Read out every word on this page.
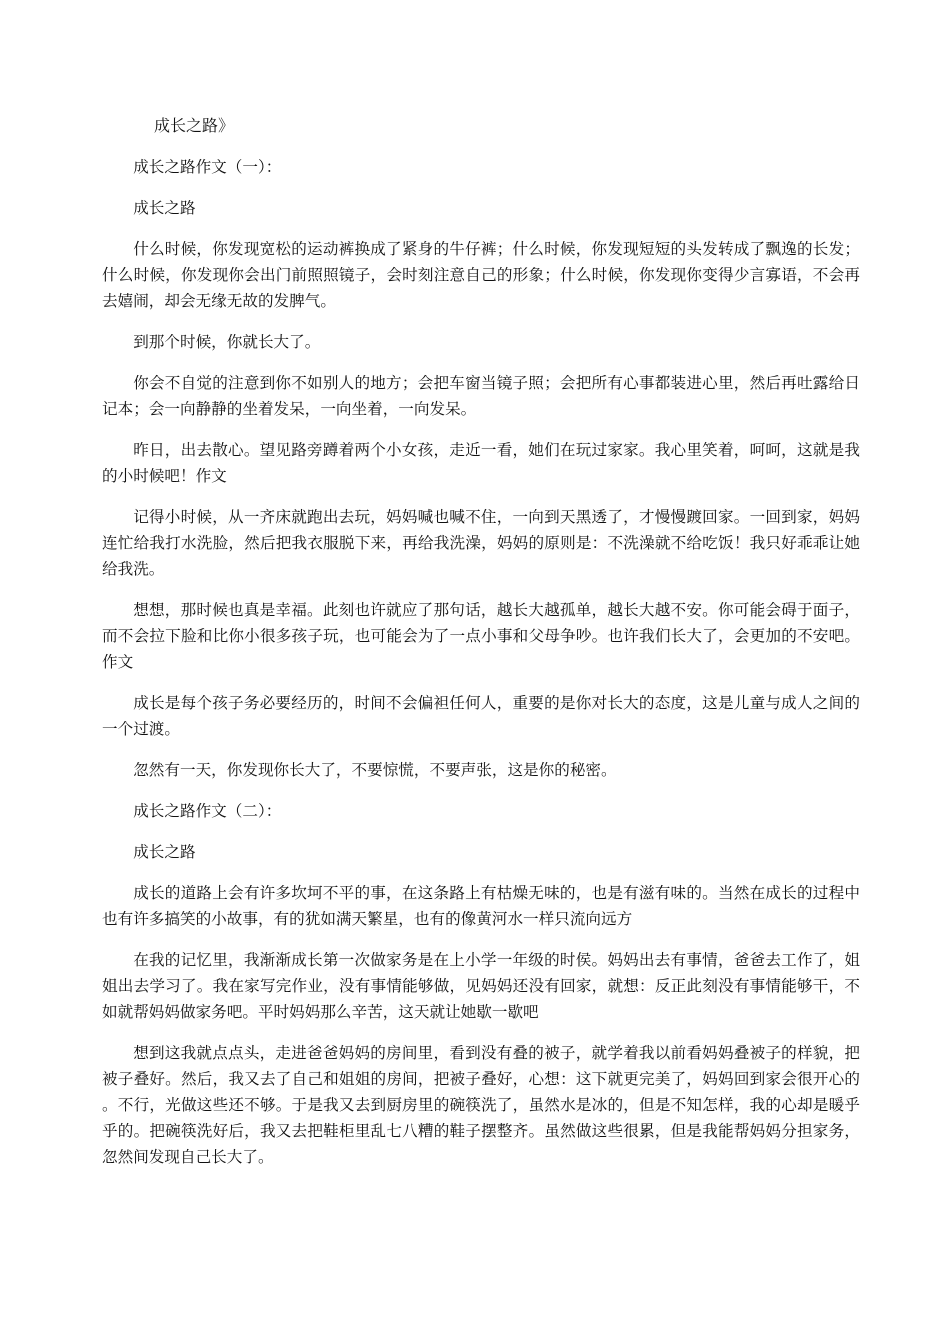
成长之路》

成长之路作文（一）：

成长之路

什么时候，你发现宽松的运动裤换成了紧身的牛仔裤；什么时候，你发现短短的头发转成了飘逸的长发；什么时候，你发现你会出门前照照镜子，会时刻注意自己的形象；什么时候，你发现你变得少言寡语，不会再去嬉闹，却会无缘无故的发脾气。

到那个时候，你就长大了。

你会不自觉的注意到你不如别人的地方；会把车窗当镜子照；会把所有心事都装进心里，然后再吐露给日记本；会一向静静的坐着发呆，一向坐着，一向发呆。

昨日，出去散心。望见路旁蹲着两个小女孩，走近一看，她们在玩过家家。我心里笑着，呵呵，这就是我的小时候吧！作文

记得小时候，从一齐床就跑出去玩，妈妈喊也喊不住，一向到天黑透了，才慢慢踱回家。一回到家，妈妈连忙给我打水洗脸，然后把我衣服脱下来，再给我洗澡，妈妈的原则是：不洗澡就不给吃饭！我只好乖乖让她给我洗。

想想，那时候也真是幸福。此刻也许就应了那句话，越长大越孤单，越长大越不安。你可能会碍于面子，而不会拉下脸和比你小很多孩子玩，也可能会为了一点小事和父母争吵。也许我们长大了，会更加的不安吧。作文

成长是每个孩子务必要经历的，时间不会偏袒任何人，重要的是你对长大的态度，这是儿童与成人之间的一个过渡。

忽然有一天，你发现你长大了，不要惊慌，不要声张，这是你的秘密。

成长之路作文（二）：

成长之路

成长的道路上会有许多坎坷不平的事，在这条路上有枯燥无味的，也是有滋有味的。当然在成长的过程中也有许多搞笑的小故事，有的犹如满天繁星，也有的像黄河水一样只流向远方

在我的记忆里，我渐渐成长第一次做家务是在上小学一年级的时侯。妈妈出去有事情，爸爸去工作了，姐姐出去学习了。我在家写完作业，没有事情能够做，见妈妈还没有回家，就想：反正此刻没有事情能够干，不如就帮妈妈做家务吧。平时妈妈那么辛苦，这天就让她歇一歇吧

想到这我就点点头，走进爸爸妈妈的房间里，看到没有叠的被子，就学着我以前看妈妈叠被子的样貌，把被子叠好。然后，我又去了自己和姐姐的房间，把被子叠好，心想：这下就更完美了，妈妈回到家会很开心的。不行，光做这些还不够。于是我又去到厨房里的碗筷洗了，虽然水是冰的，但是不知怎样，我的心却是暖乎乎的。把碗筷洗好后，我又去把鞋柜里乱七八糟的鞋子摆整齐。虽然做这些很累，但是我能帮妈妈分担家务，忽然间发现自己长大了。
